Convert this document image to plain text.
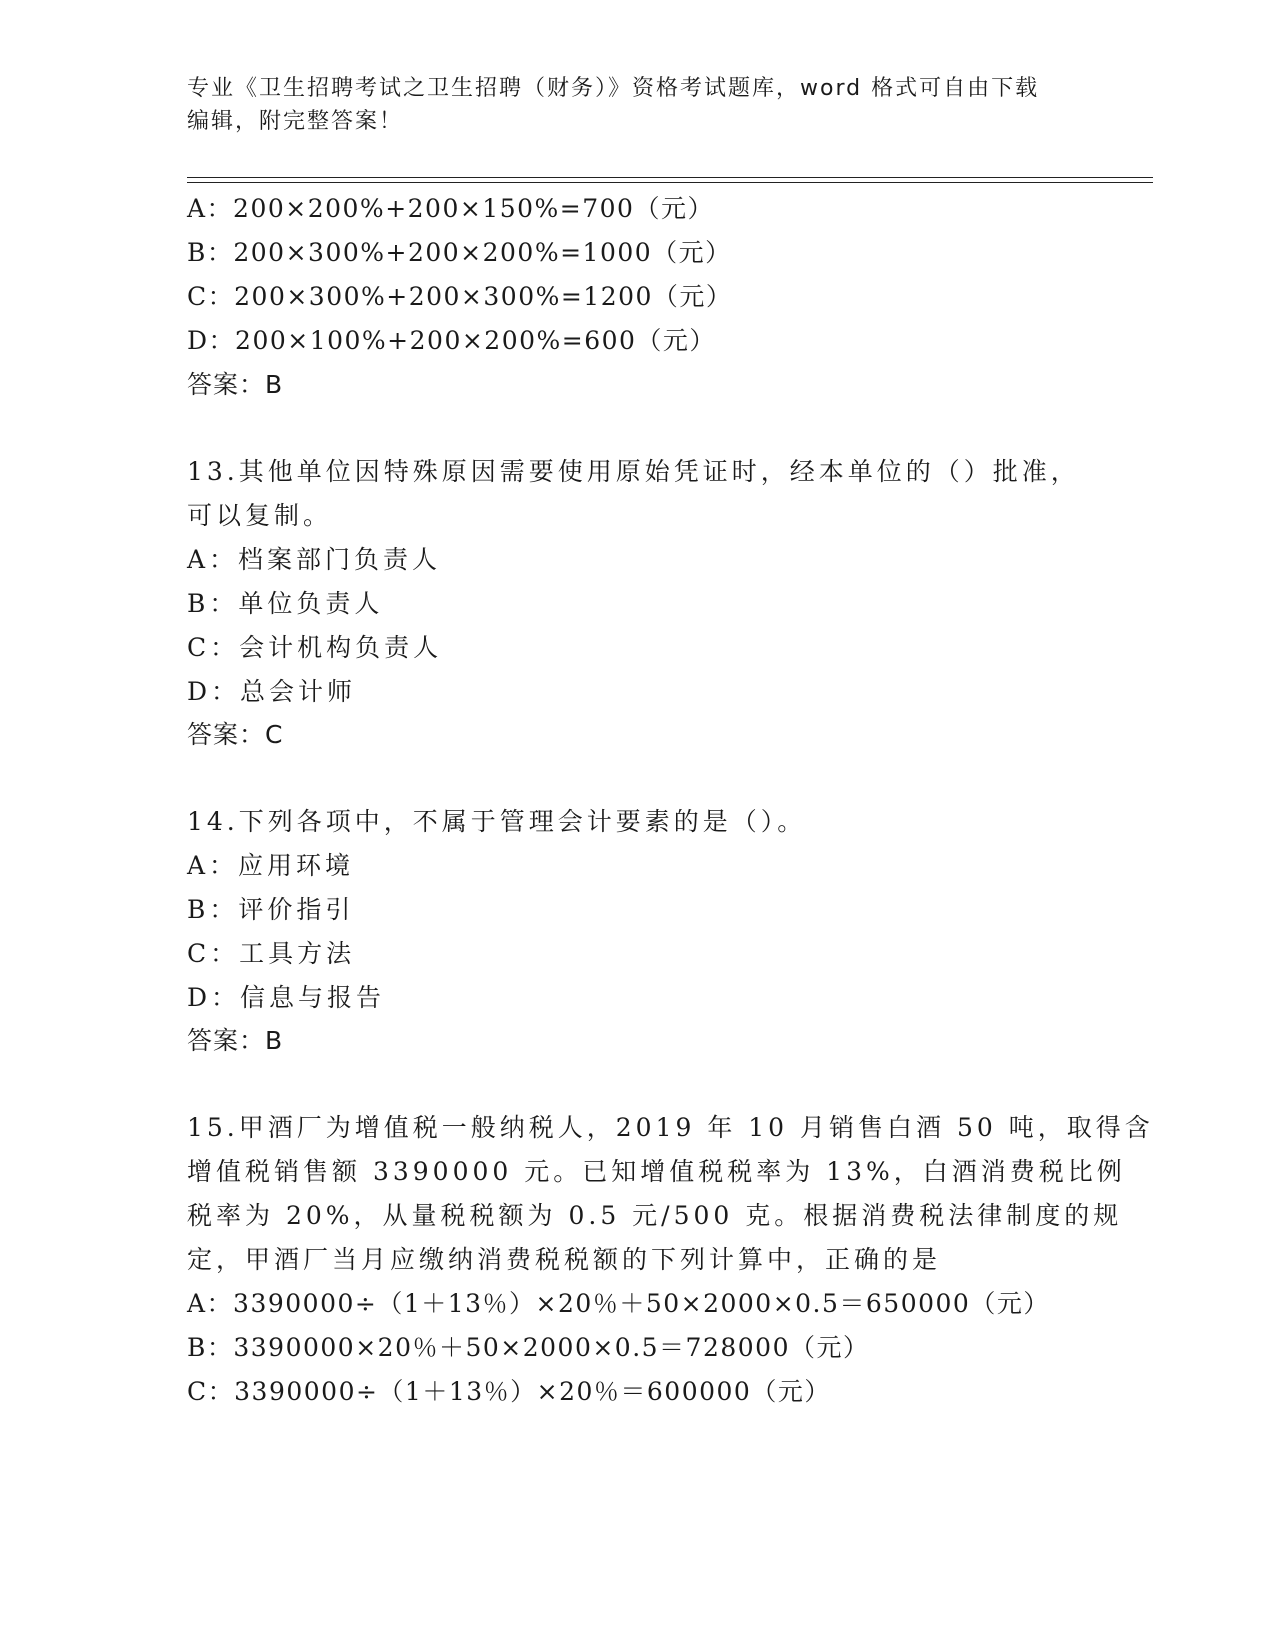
专业《卫生招聘考试之卫生招聘（财务）》资格考试题库，word 格式可自由下载
编辑，附完整答案！
A：200×200%+200×150%=700（元）
B：200×300%+200×200%=1000（元）
C：200×300%+200×300%=1200（元）
D：200×100%+200×200%=600（元）
答案：B
13.其他单位因特殊原因需要使用原始凭证时，经本单位的（）批准，
可以复制。
A：档案部门负责人
B：单位负责人
C：会计机构负责人
D：总会计师
答案：C
14.下列各项中，不属于管理会计要素的是（）。
A：应用环境
B：评价指引
C：工具方法
D：信息与报告
答案：B
15.甲酒厂为增值税一般纳税人，2019 年 10 月销售白酒 50 吨，取得含
增值税销售额 3390000 元。已知增值税税率为 13%，白酒消费税比例
税率为 20%，从量税税额为 0.5 元/500 克。根据消费税法律制度的规
定，甲酒厂当月应缴纳消费税税额的下列计算中，正确的是
A：3390000÷（1＋13％）×20％＋50×2000×0.5＝650000（元）
B：3390000×20％＋50×2000×0.5＝728000（元）
C：3390000÷（1＋13％）×20％＝600000（元）
